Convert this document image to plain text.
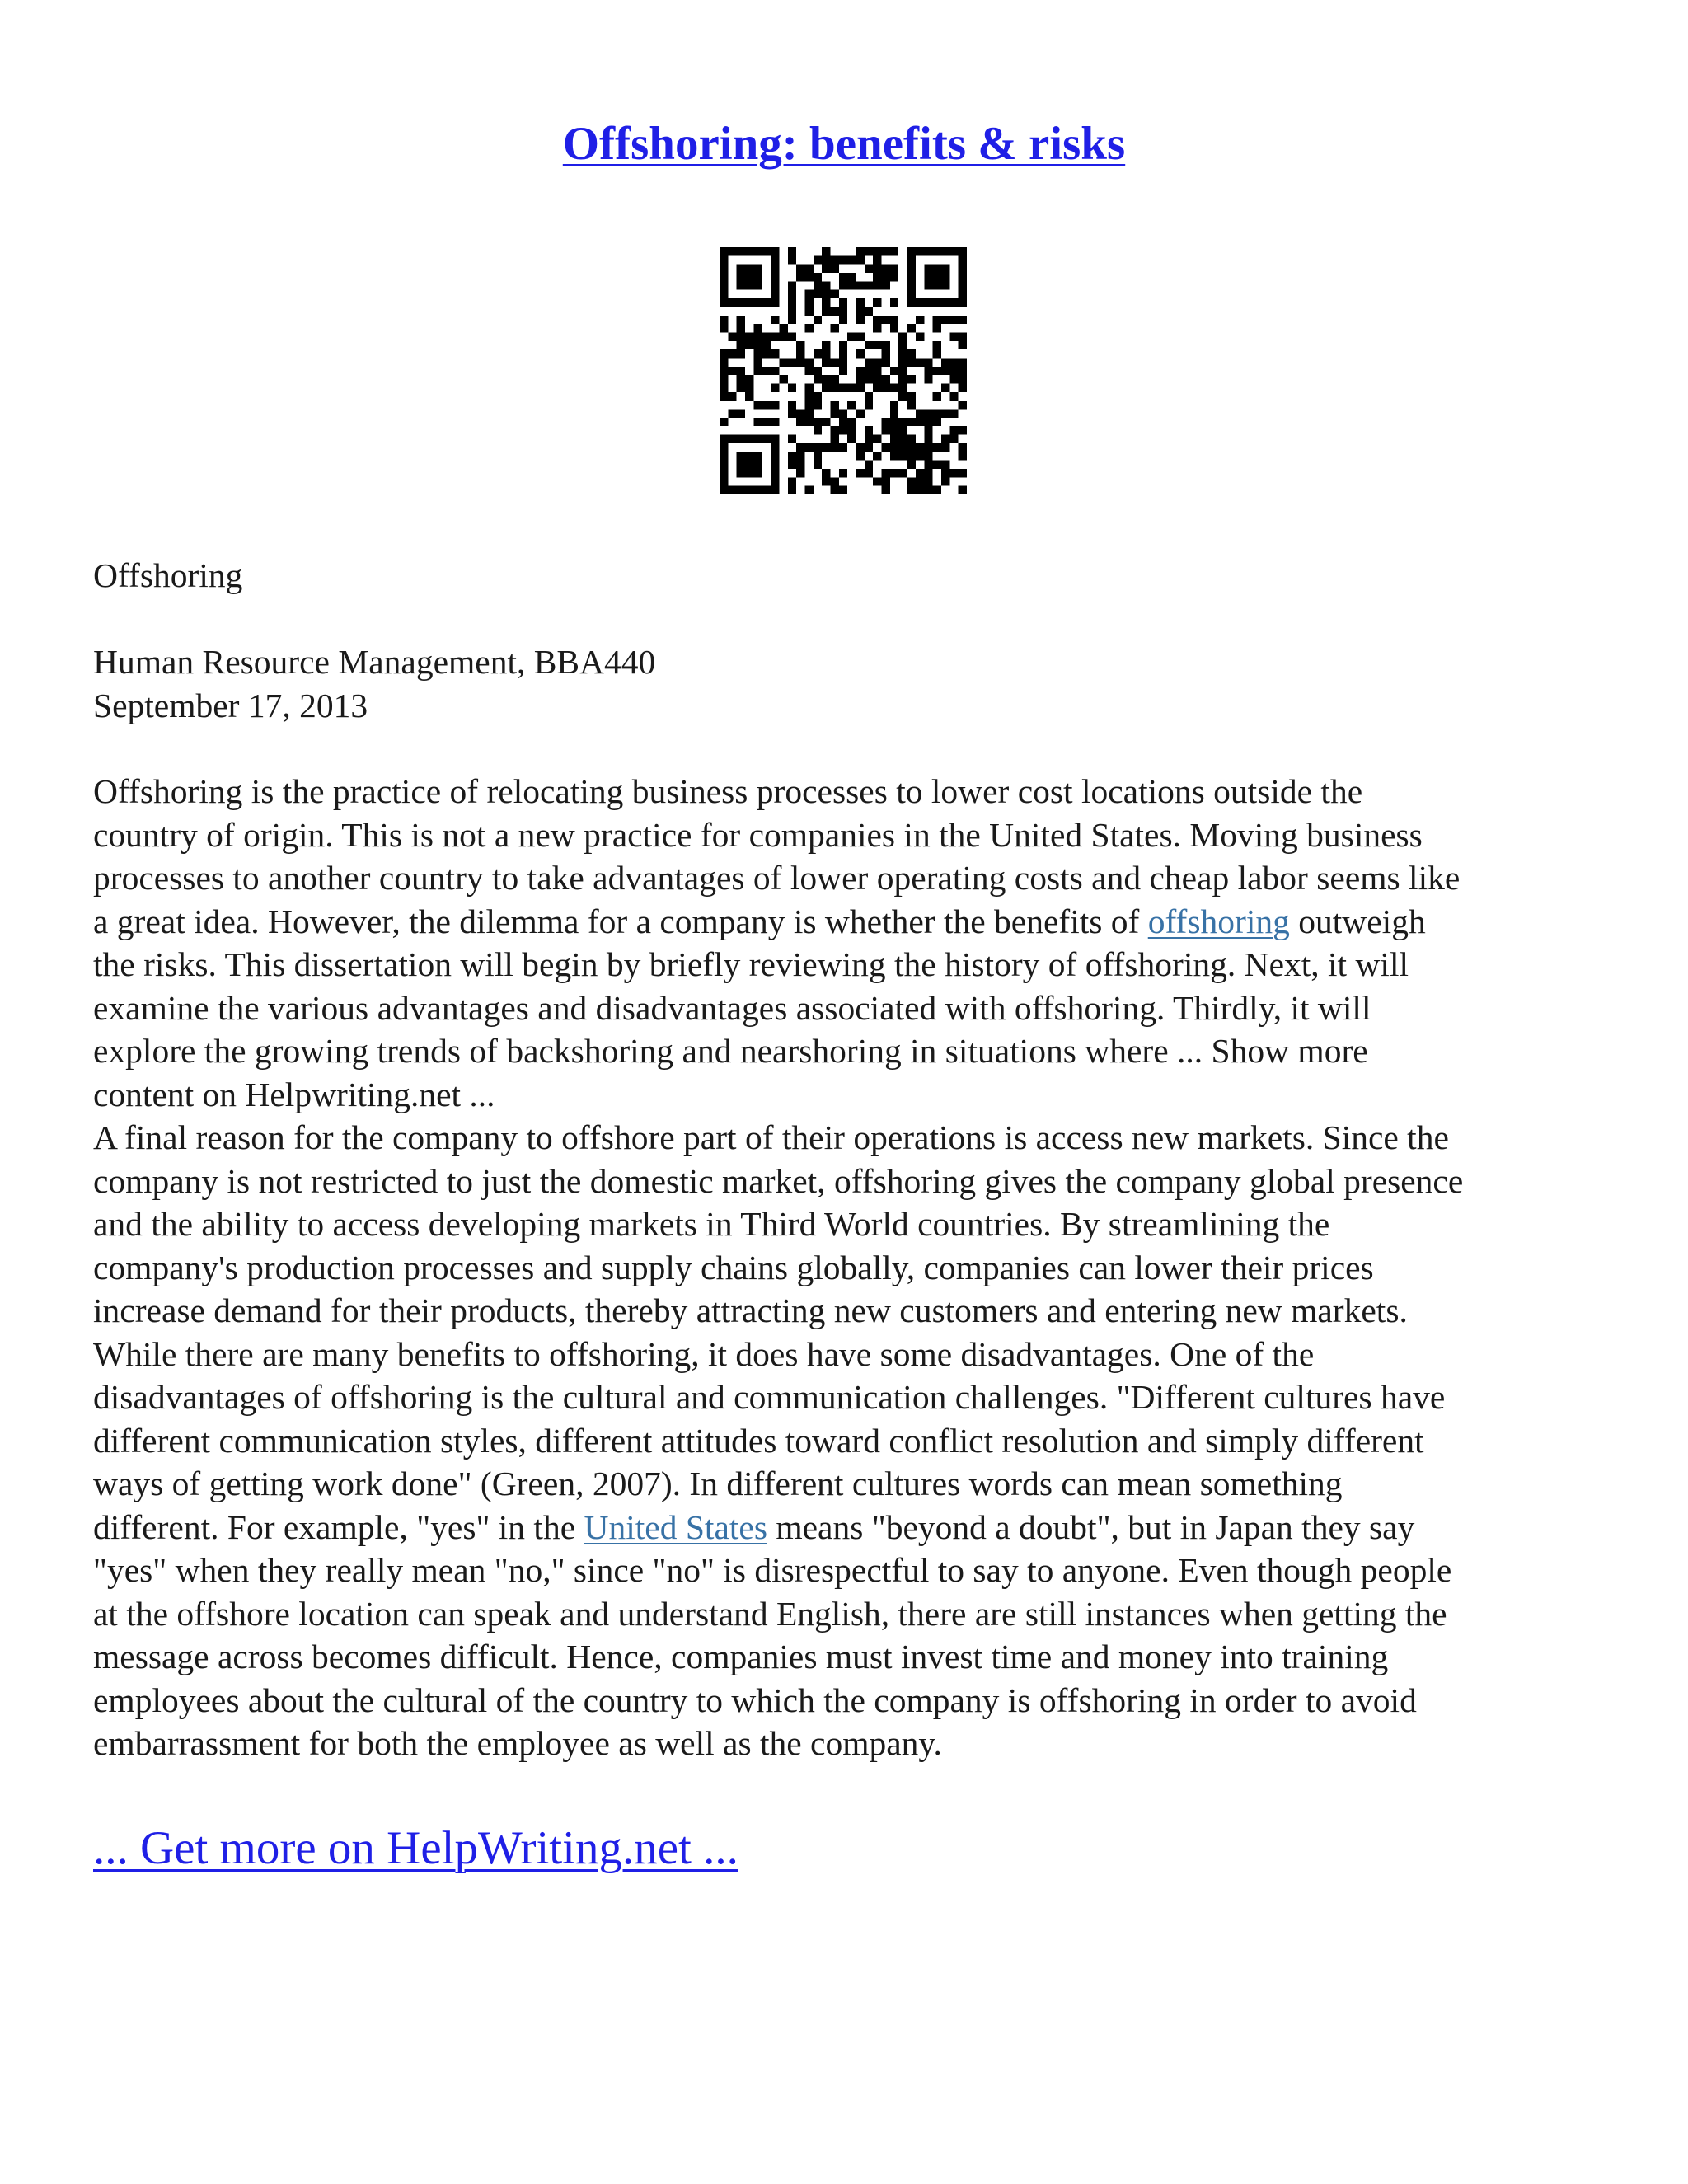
Offshoring: benefits & risks
Offshoring
Human Resource Management, BBA440
September 17, 2013
Offshoring is the practice of relocating business processes to lower cost locations outside the
country of origin. This is not a new practice for companies in the United States. Moving business
processes to another country to take advantages of lower operating costs and cheap labor seems like
a great idea. However, the dilemma for a company is whether the benefits of offshoring outweigh
the risks. This dissertation will begin by briefly reviewing the history of offshoring. Next, it will
examine the various advantages and disadvantages associated with offshoring. Thirdly, it will
explore the growing trends of backshoring and nearshoring in situations where ... Show more
content on Helpwriting.net ...
A final reason for the company to offshore part of their operations is access new markets. Since the
company is not restricted to just the domestic market, offshoring gives the company global presence
and the ability to access developing markets in Third World countries. By streamlining the
company's production processes and supply chains globally, companies can lower their prices
increase demand for their products, thereby attracting new customers and entering new markets.
While there are many benefits to offshoring, it does have some disadvantages. One of the
disadvantages of offshoring is the cultural and communication challenges. "Different cultures have
different communication styles, different attitudes toward conflict resolution and simply different
ways of getting work done" (Green, 2007). In different cultures words can mean something
different. For example, "yes" in the United States means "beyond a doubt", but in Japan they say
"yes" when they really mean "no," since "no" is disrespectful to say to anyone. Even though people
at the offshore location can speak and understand English, there are still instances when getting the
message across becomes difficult. Hence, companies must invest time and money into training
employees about the cultural of the country to which the company is offshoring in order to avoid
embarrassment for both the employee as well as the company.
... Get more on HelpWriting.net ...
